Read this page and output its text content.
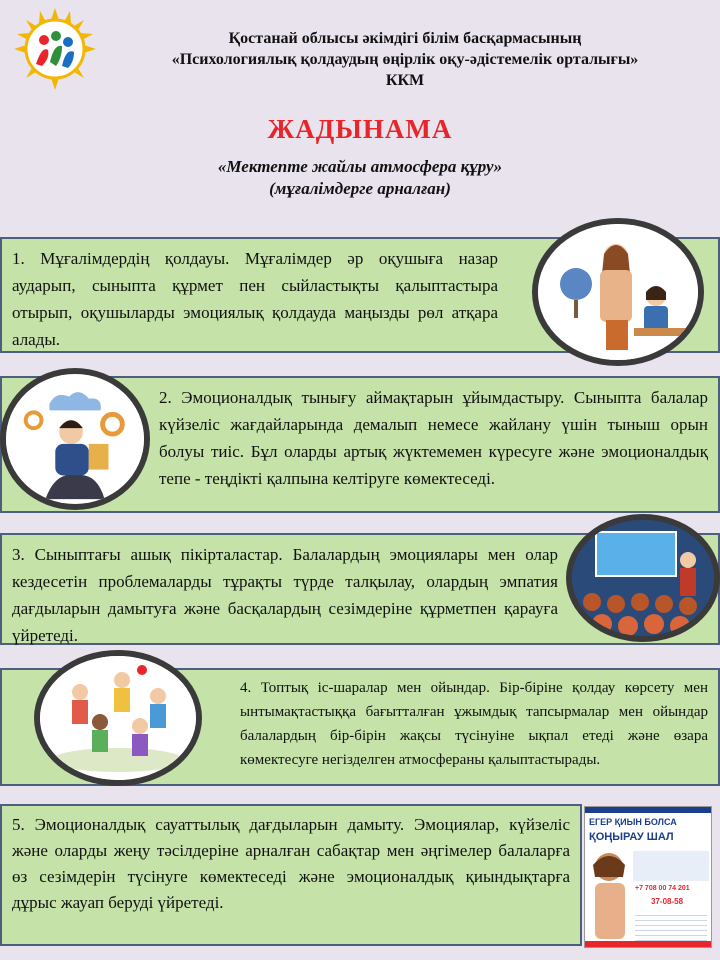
Қостанай облысы әкімдігі білім басқармасының
«Психологиялық қолдаудың өңірлік оқу-әдістемелік орталығы»
ККМ
ЖАДЫНАМА
«Мектепте жайлы атмосфера құру»
(мұғалімдерге арналған)

1. Мұғалімдердің қолдауы. Мұғалімдер әр оқушыға назар аударып, сыныпта құрмет пен сыйластықты қалыптастыра отырып, оқушыларды эмоциялық қолдауда маңызды рөл атқара алады.

2. Эмоционалдық тынығу аймақтарын ұйымдастыру. Сыныпта балалар күйзеліс жағдайларында демалып немесе жайлану үшін тыныш орын болуы тиіс. Бұл оларды артық жүктемемен күресуге және эмоционалдық тепе - теңдікті қалпына келтіруге көмектеседі.

3. Сыныптағы ашық пікірталастар. Балалардың эмоциялары мен олар кездесетін проблемаларды тұрақты түрде талқылау, олардың эмпатия дағдыларын дамытуға және басқалардың сезімдеріне құрметпен қарауға үйретеді.

4. Топтық іс-шаралар мен ойындар. Бір-біріне қолдау көрсету мен ынтымақтастыққа бағытталған ұжымдық тапсырмалар мен ойындар балалардың бір-бірін жақсы түсінуіне ықпал етеді және өзара көмектесуге негізделген атмосфераны қалыптастырады.

5. Эмоционалдық сауаттылық дағдыларын дамыту. Эмоциялар, күйзеліс және оларды жеңу тәсілдеріне арналған сабақтар мен әңгімелер балаларға өз сезімдерін түсінуге көмектеседі және эмоционалдық қиындықтарға дұрыс жауап беруді үйретеді.

ЕГЕР ҚИЫН БОЛСА
ҚОҢЫРАУ ШАЛ
+7 708 00 74 201
37-08-58
